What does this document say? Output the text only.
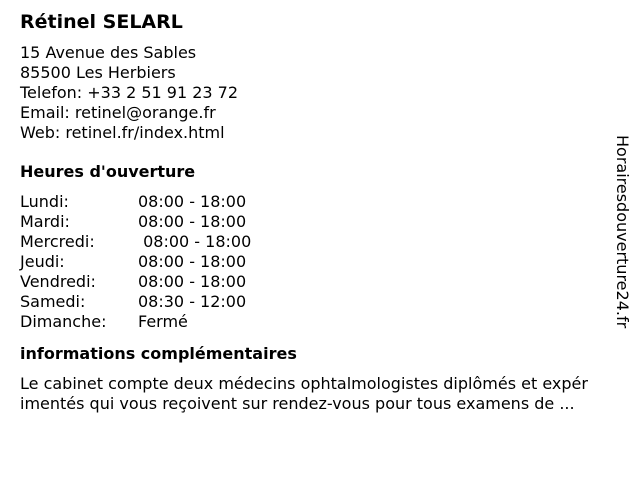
Rétinel SELARL
15 Avenue des Sables
85500 Les Herbiers
Telefon: +33 2 51 91 23 72
Email: retinel@orange.fr
Web: retinel.fr/index.html
Heures d'ouverture
Lundi:	08:00 - 18:00
Mardi:	08:00 - 18:00
Mercredi:	08:00 - 18:00
Jeudi:	08:00 - 18:00
Vendredi:	08:00 - 18:00
Samedi:	08:30 - 12:00
Dimanche: Fermé
informations complémentaires
Le cabinet compte deux médecins ophtalmologistes diplômés et expér
imentés qui vous reçoivent sur rendez-vous pour tous examens de ...
Horairesdouverture24.fr
